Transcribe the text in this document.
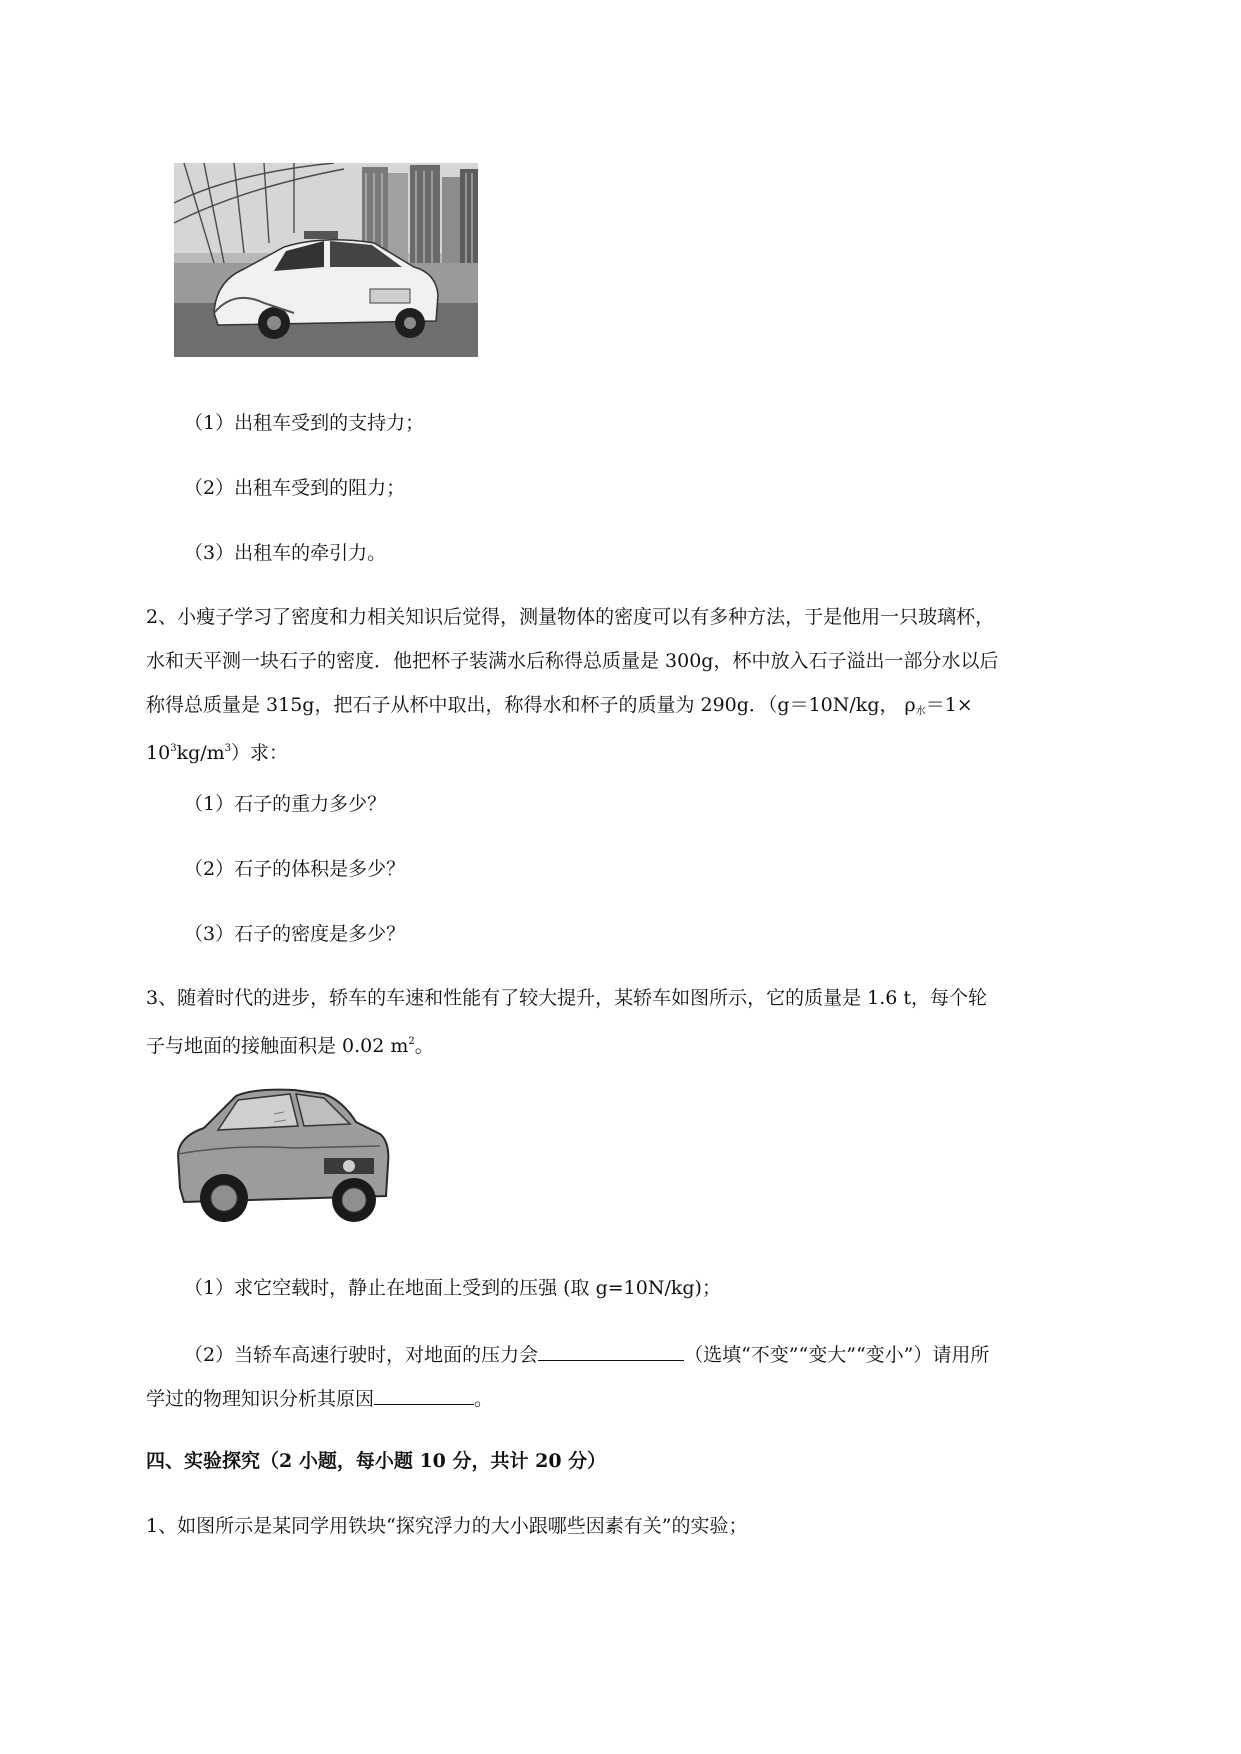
（1）出租车受到的支持力；
（2）出租车受到的阻力；
（3）出租车的牵引力。
2、小瘦子学习了密度和力相关知识后觉得，测量物体的密度可以有多种方法，于是他用一只玻璃杯，
水和天平测一块石子的密度．他把杯子装满水后称得总质量是 300g，杯中放入石子溢出一部分水以后
称得总质量是 315g，把石子从杯中取出，称得水和杯子的质量为 290g．（g＝10N/kg， $\rho_水=1\times$
$10^3kg/m^3$）求：
（1）石子的重力多少？
（2）石子的体积是多少？
（3）石子的密度是多少？
3、随着时代的进步，轿车的车速和性能有了较大提升，某轿车如图所示，它的质量是 1.6 t，每个轮
子与地面的接触面积是 0.02 $m^2$。
（1）求它空载时，静止在地面上受到的压强 (取 g=10N/kg)；
（2）当轿车高速行驶时，对地面的压力会	（选填“不变”“变大”“变小”）请用所
学过的物理知识分析其原因	。
四、实验探究（2 小题，每小题 10 分，共计 20 分）
1、如图所示是某同学用铁块“探究浮力的大小跟哪些因素有关”的实验；
